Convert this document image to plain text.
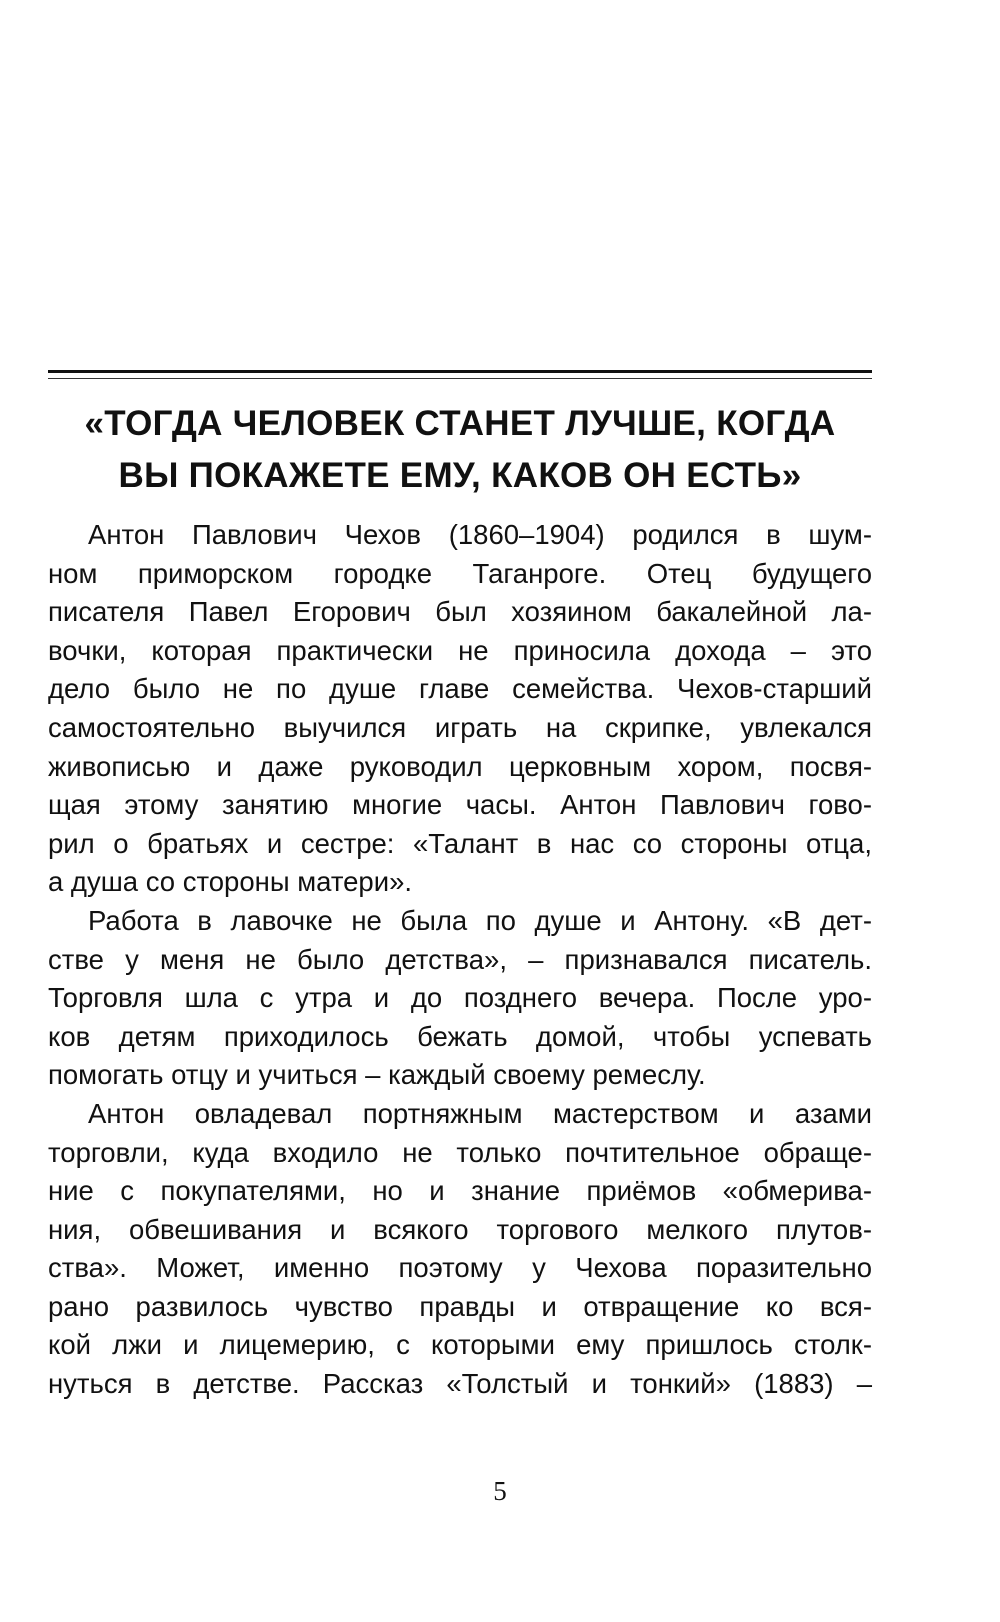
«ТОГДА ЧЕЛОВЕК СТАНЕТ ЛУЧШЕ, КОГДА
ВЫ ПОКАЖЕТЕ ЕМУ, КАКОВ ОН ЕСТЬ»

Антон Павлович Чехов (1860–1904) родился в шум-
ном приморском городке Таганроге. Отец будущего
писателя Павел Егорович был хозяином бакалейной ла-
вочки, которая практически не приносила дохода – это
дело было не по душе главе семейства. Чехов-старший
самостоятельно выучился играть на скрипке, увлекался
живописью и даже руководил церковным хором, посвя-
щая этому занятию многие часы. Антон Павлович гово-
рил о братьях и сестре: «Талант в нас со стороны отца,
а душа со стороны матери».

Работа в лавочке не была по душе и Антону. «В дет-
стве у меня не было детства», – признавался писатель.
Торговля шла с утра и до позднего вечера. После уро-
ков детям приходилось бежать домой, чтобы успевать
помогать отцу и учиться – каждый своему ремеслу.

Антон овладевал портняжным мастерством и азами
торговли, куда входило не только почтительное обраще-
ние с покупателями, но и знание приёмов «обмерива-
ния, обвешивания и всякого торгового мелкого плутов-
ства». Может, именно поэтому у Чехова поразительно
рано развилось чувство правды и отвращение ко вся-
кой лжи и лицемерию, с которыми ему пришлось столк-
нуться в детстве. Рассказ «Толстый и тонкий» (1883) –

5
